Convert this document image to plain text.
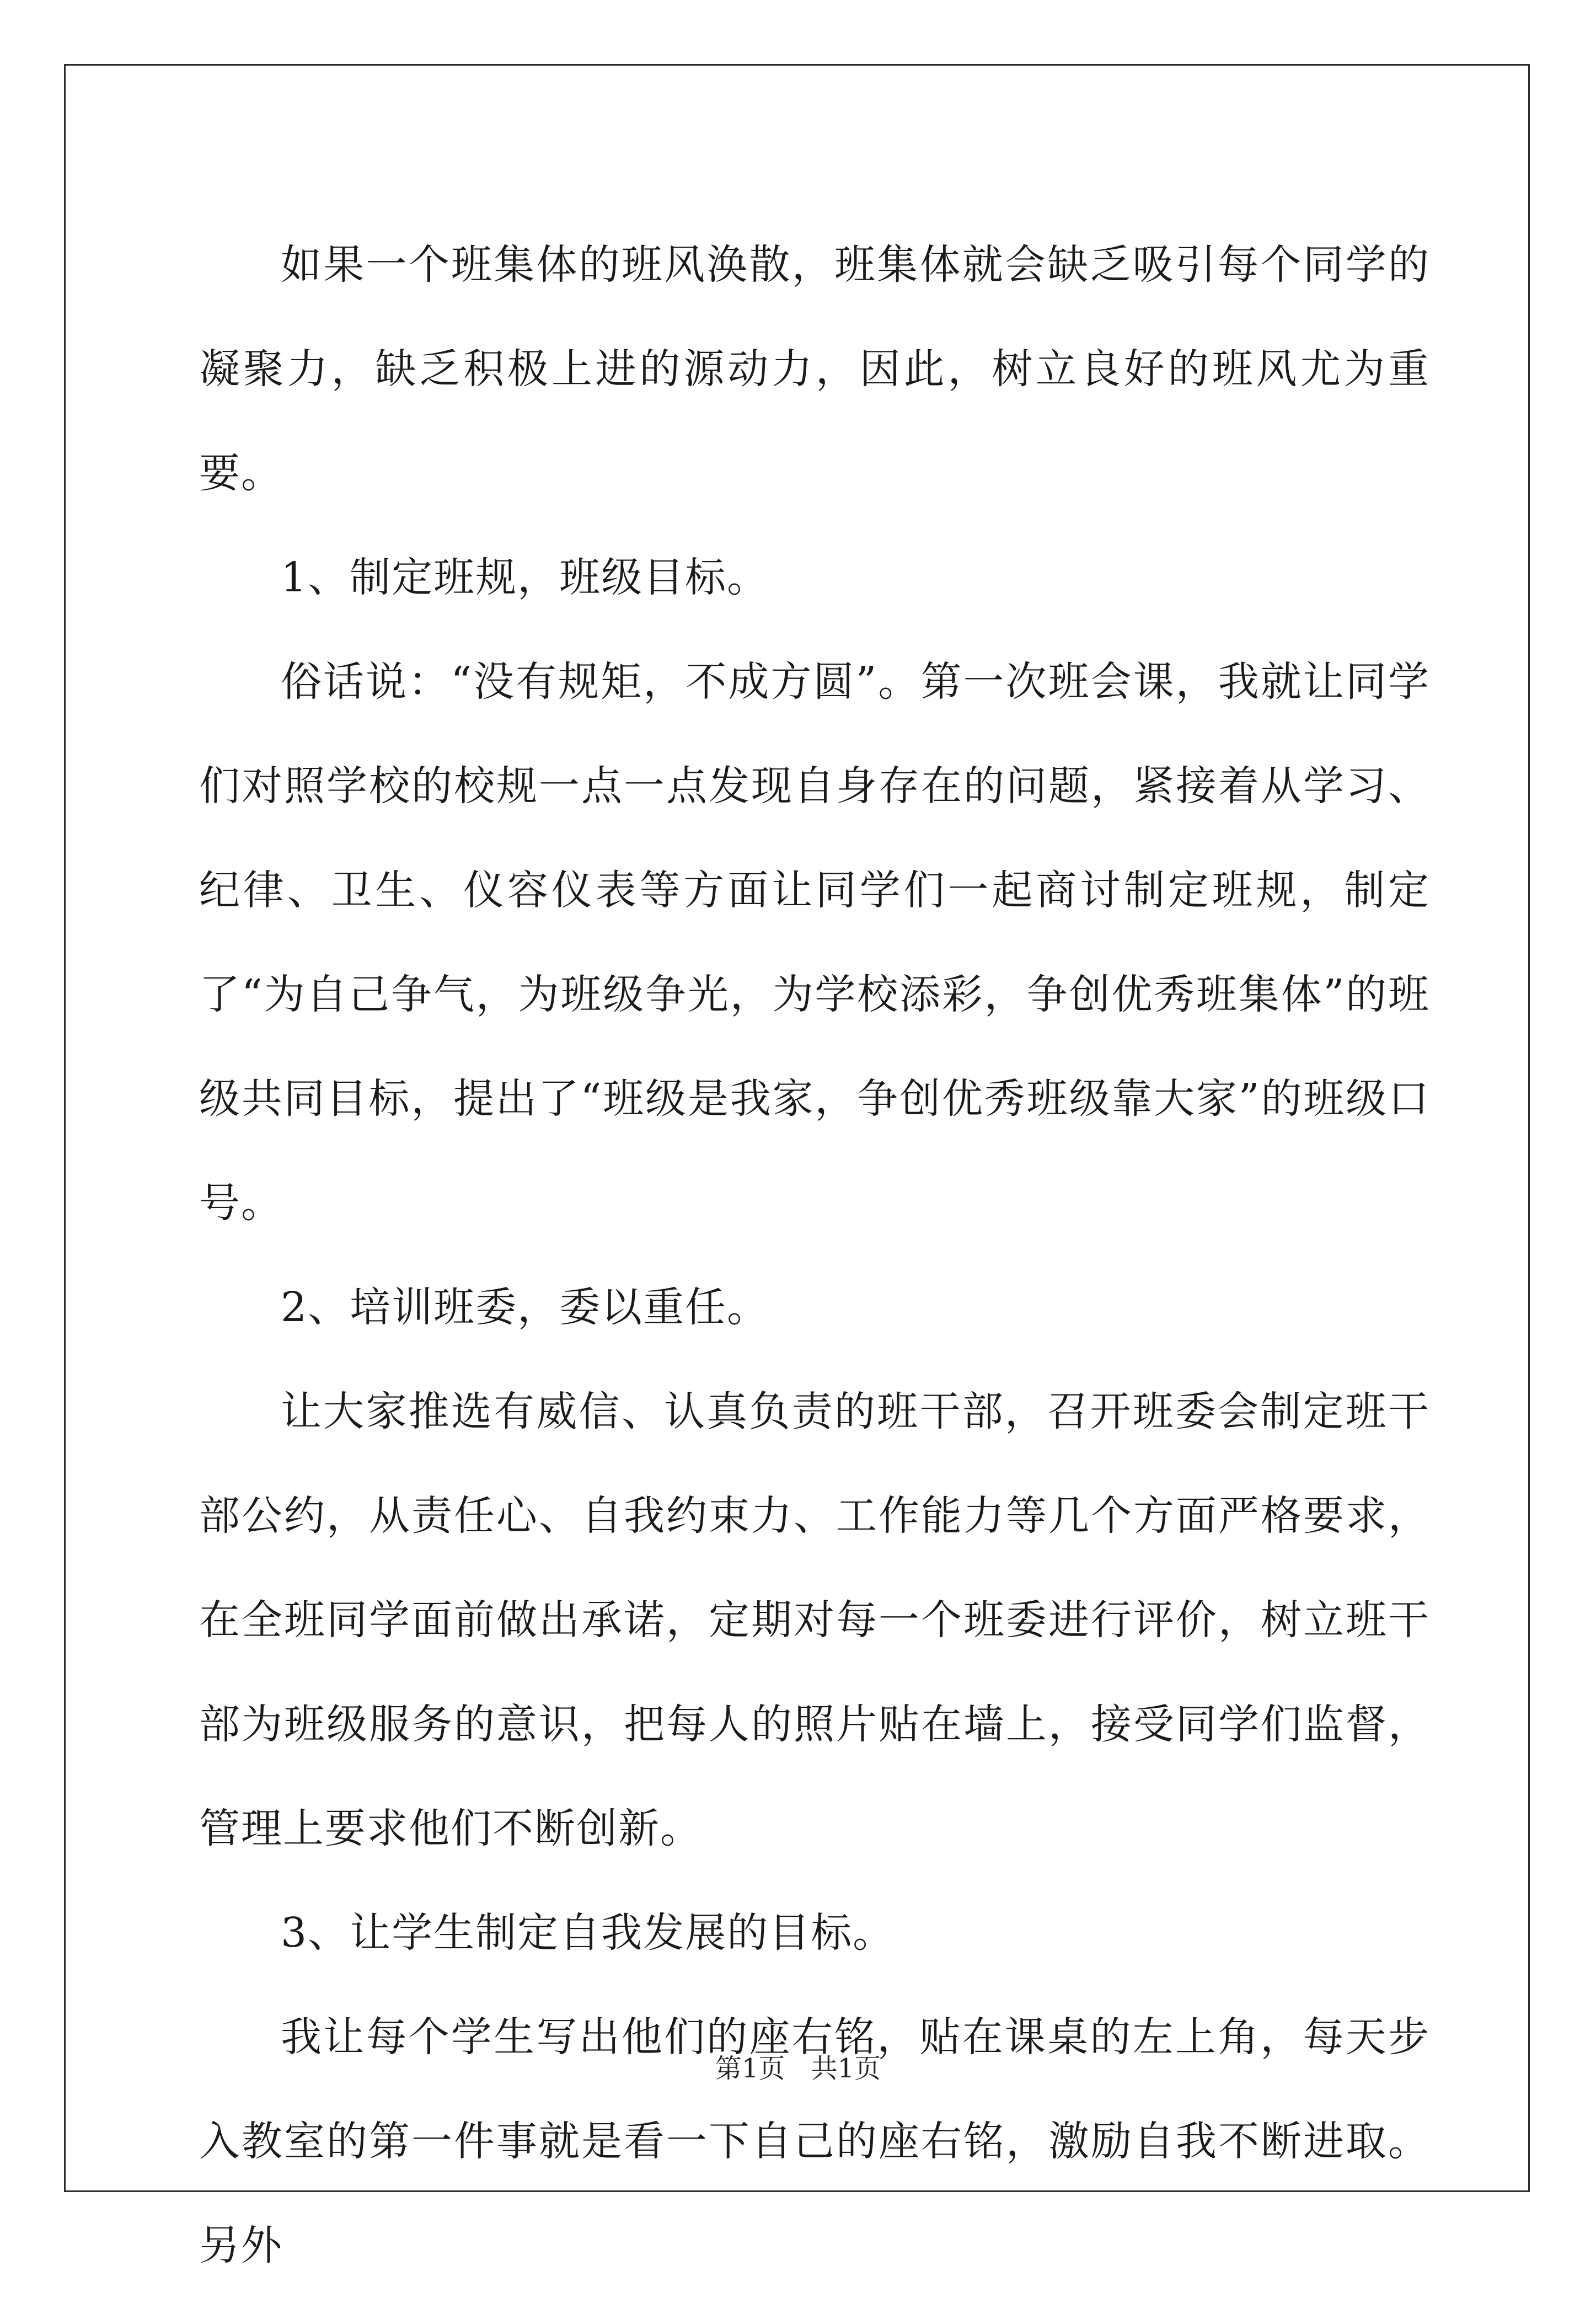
如果一个班集体的班风涣散，班集体就会缺乏吸引每个同学的凝聚力，缺乏积极上进的源动力，因此，树立良好的班风尤为重要。

1、制定班规，班级目标。

俗话说：“没有规矩，不成方圆”。第一次班会课，我就让同学们对照学校的校规一点一点发现自身存在的问题，紧接着从学习、纪律、卫生、仪容仪表等方面让同学们一起商讨制定班规，制定了“为自己争气，为班级争光，为学校添彩，争创优秀班集体”的班级共同目标，提出了“班级是我家，争创优秀班级靠大家”的班级口号。

2、培训班委，委以重任。

让大家推选有威信、认真负责的班干部，召开班委会制定班干部公约，从责任心、自我约束力、工作能力等几个方面严格要求，在全班同学面前做出承诺，定期对每一个班委进行评价，树立班干部为班级服务的意识，把每人的照片贴在墙上，接受同学们监督，管理上要求他们不断创新。

3、让学生制定自我发展的目标。

我让每个学生写出他们的座右铭，贴在课桌的左上角，每天步入教室的第一件事就是看一下自己的座右铭，激励自我不断进取。另外

第1页 共1页
